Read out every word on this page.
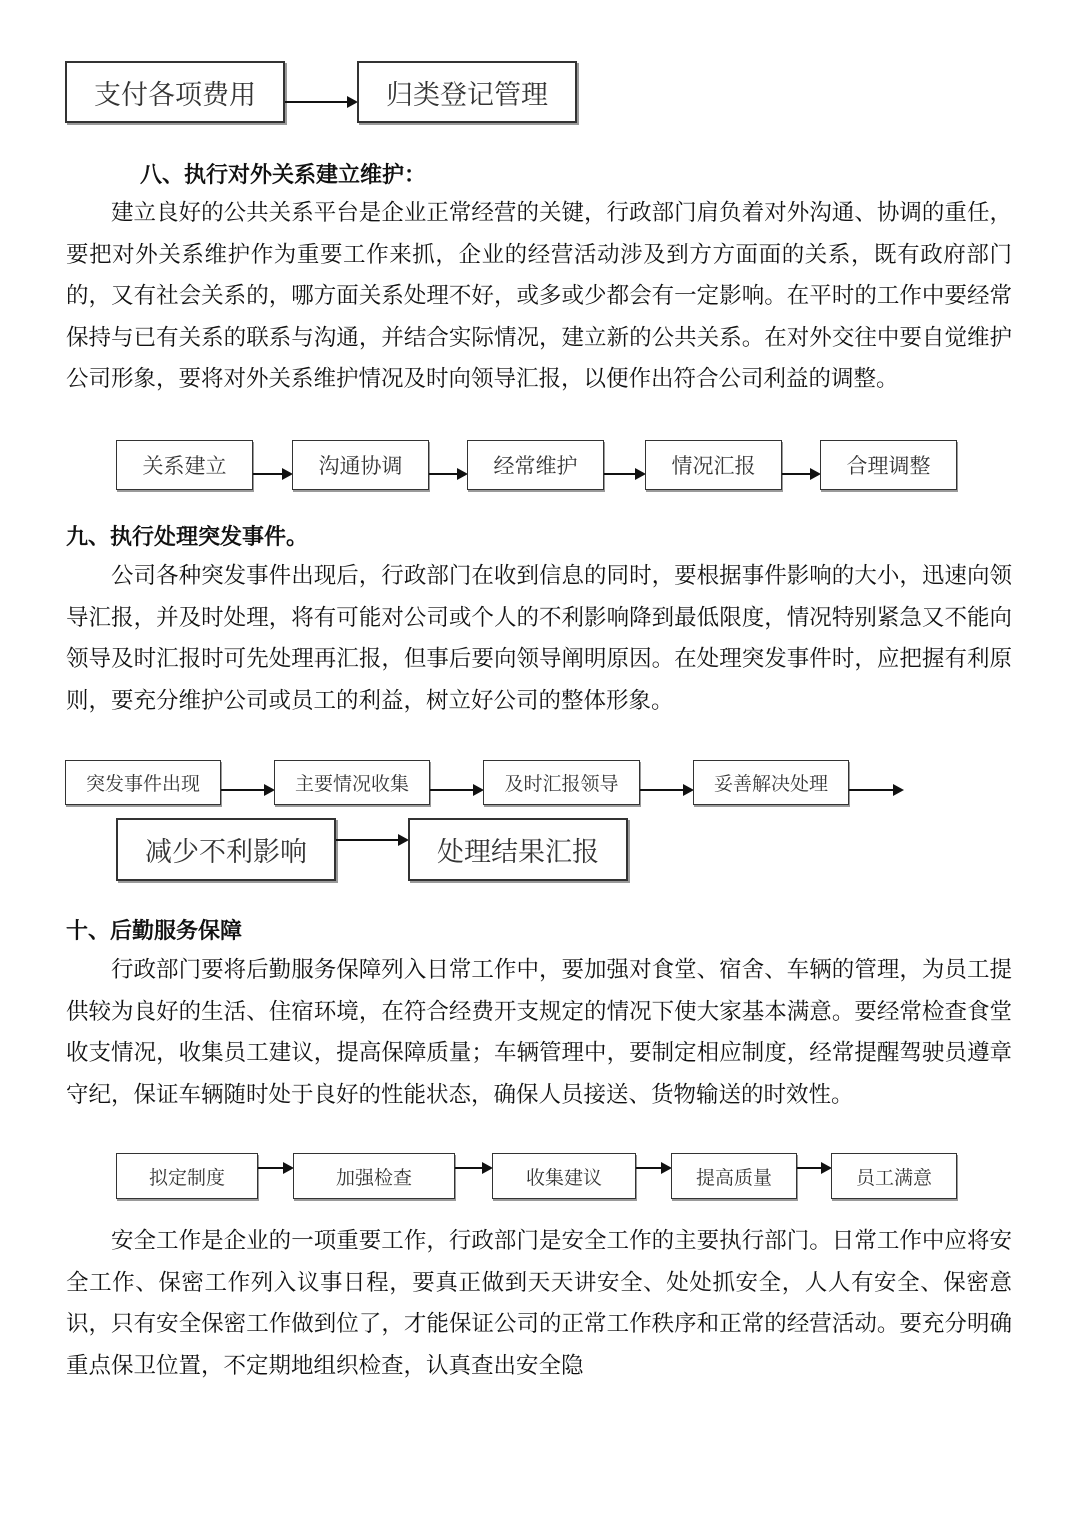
支付各项费用	归类登记管理
八、执行对外关系建立维护：

建立良好的公共关系平台是企业正常经营的关键，行政部门肩负着对外沟通、协调的重任，要把对外关系维护作为重要工作来抓，企业的经营活动涉及到方方面面的关系，既有政府部门的，又有社会关系的，哪方面关系处理不好，或多或少都会有一定影响。在平时的工作中要经常保持与已有关系的联系与沟通，并结合实际情况，建立新的公共关系。在对外交往中要自觉维护公司形象，要将对外关系维护情况及时向领导汇报，以便作出符合公司利益的调整。

关系建立	沟通协调	经常维护	情况汇报	合理调整
九、执行处理突发事件。

公司各种突发事件出现后，行政部门在收到信息的同时，要根据事件影响的大小，迅速向领导汇报，并及时处理，将有可能对公司或个人的不利影响降到最低限度，情况特别紧急又不能向领导及时汇报时可先处理再汇报，但事后要向领导阐明原因。在处理突发事件时，应把握有利原则，要充分维护公司或员工的利益，树立好公司的整体形象。

突发事件出现	主要情况收集	及时汇报领导	妥善解决处理
减少不利影响	处理结果汇报
十、后勤服务保障

行政部门要将后勤服务保障列入日常工作中，要加强对食堂、宿舍、车辆的管理，为员工提供较为良好的生活、住宿环境，在符合经费开支规定的情况下使大家基本满意。要经常检查食堂收支情况，收集员工建议，提高保障质量；车辆管理中，要制定相应制度，经常提醒驾驶员遵章守纪，保证车辆随时处于良好的性能状态，确保人员接送、货物输送的时效性。

拟定制度	加强检查	收集建议	提高质量	员工满意

安全工作是企业的一项重要工作，行政部门是安全工作的主要执行部门。日常工作中应将安全工作、保密工作列入议事日程，要真正做到天天讲安全、处处抓安全，人人有安全、保密意识，只有安全保密工作做到位了，才能保证公司的正常工作秩序和正常的经营活动。要充分明确重点保卫位置，不定期地组织检查，认真查出安全隐
